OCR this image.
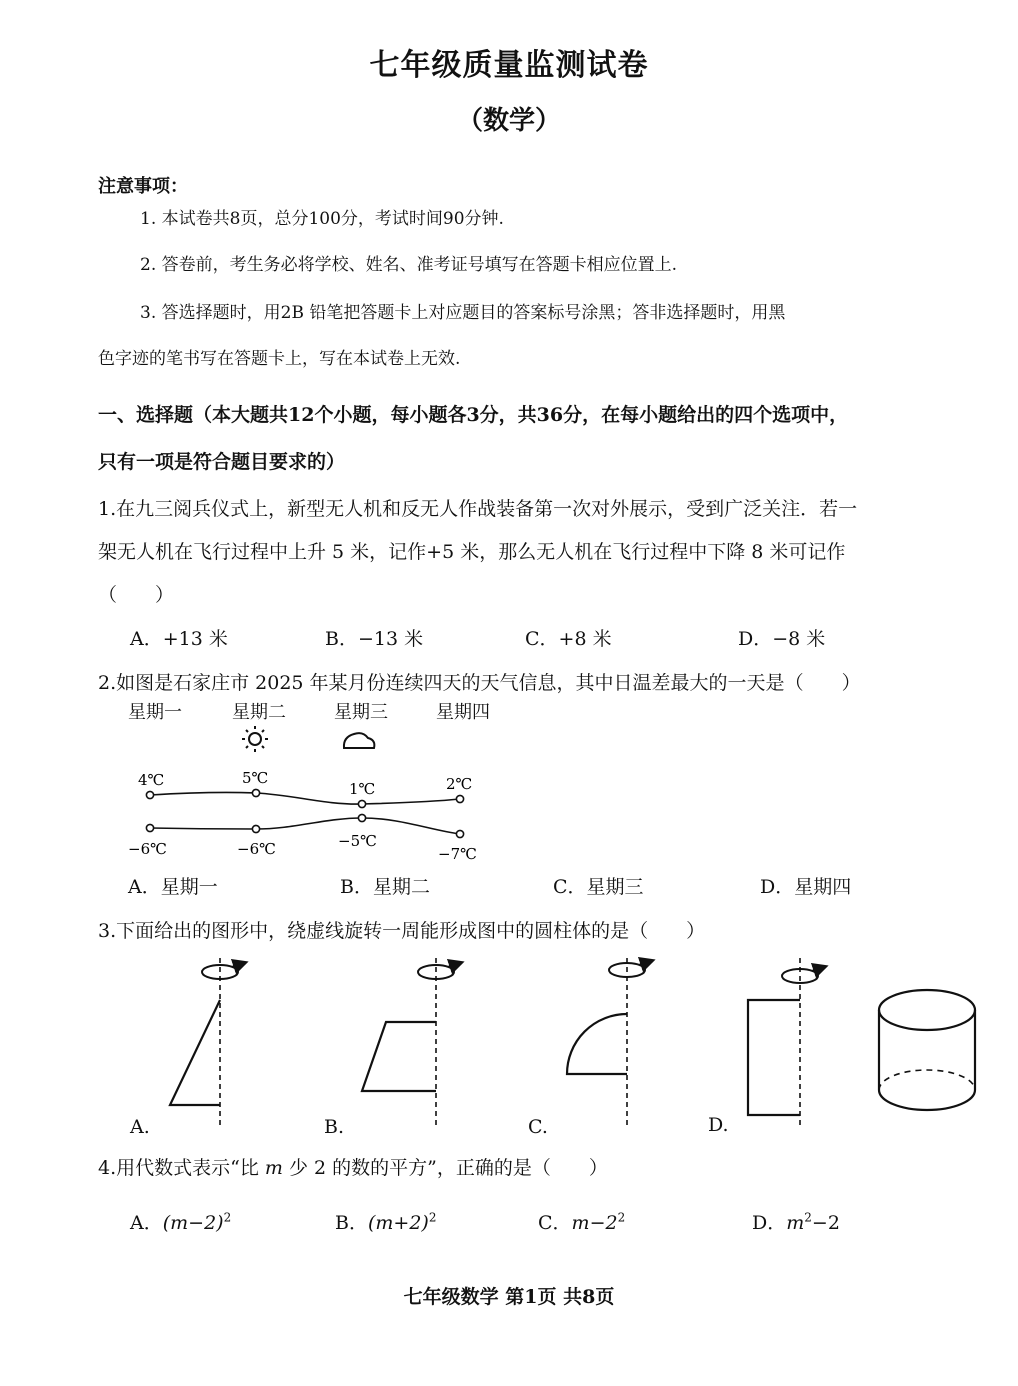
七年级质量监测试卷
（数学）
注意事项：
1. 本试卷共8页，总分100分，考试时间90分钟.
2. 答卷前，考生务必将学校、姓名、准考证号填写在答题卡相应位置上.
3. 答选择题时，用2B 铅笔把答题卡上对应题目的答案标号涂黑；答非选择题时，用黑
色字迹的笔书写在答题卡上，写在本试卷上无效.
一、选择题（本大题共12个小题，每小题各3分，共36分，在每小题给出的四个选项中，
只有一项是符合题目要求的）
1.在九三阅兵仪式上，新型无人机和反无人作战装备第一次对外展示，受到广泛关注．若一
架无人机在飞行过程中上升 5 米，记作+5 米，那么无人机在飞行过程中下降 8 米可记作
（　　）
A．+13 米	B．−13 米	C．+8 米	D．−8 米
2.如图是石家庄市 2025 年某月份连续四天的天气信息，其中日温差最大的一天是（　　）
星期一	星期二	星期三	星期四
4℃	5℃
1℃	2℃
−6℃	−6℃	−5℃
−7℃
A．星期一	B．星期二	C．星期三	D．星期四
3.下面给出的图形中，绕虚线旋转一周能形成图中的圆柱体的是（　　）
A.	B.	C.	D.
4.用代数式表示“比 m 少 2 的数的平方”，正确的是（　　）
A．$(m-2)^2$	B．$(m+2)^2$	C．$m-2^2$	D．$m^2-2$
七年级数学 第1页 共8页
